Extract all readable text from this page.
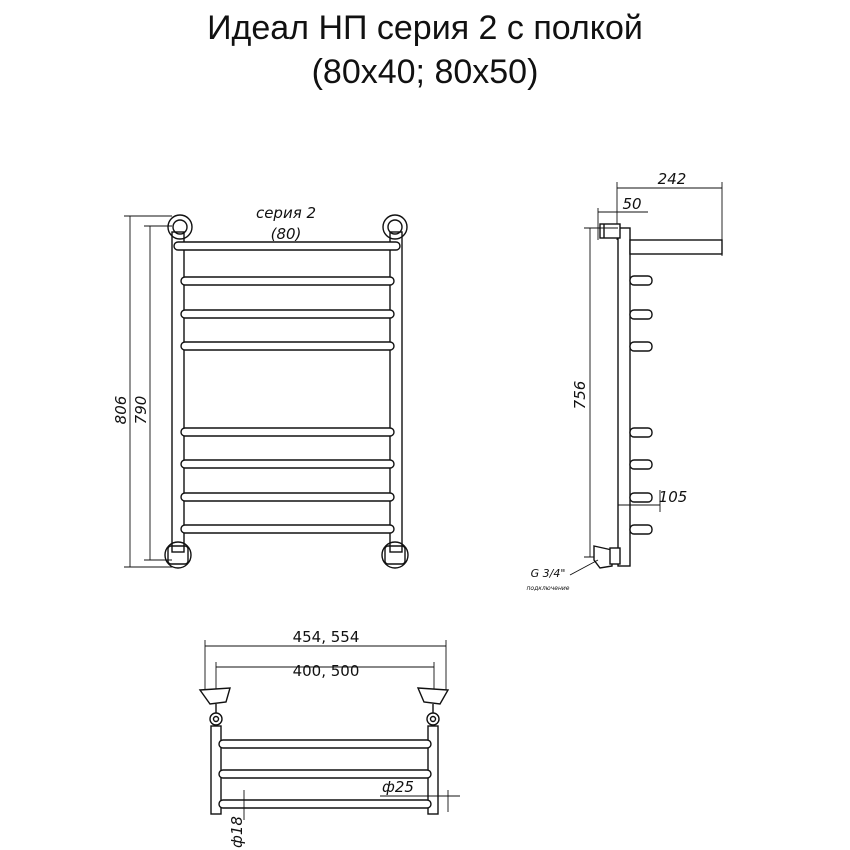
Идеал НП серия 2 с полкой
(80х40; 80х50)
806 790
серия 2
(80)
242
50
105
756
G 3/4"
подключение
454, 554
400, 500
ф25
ф18
